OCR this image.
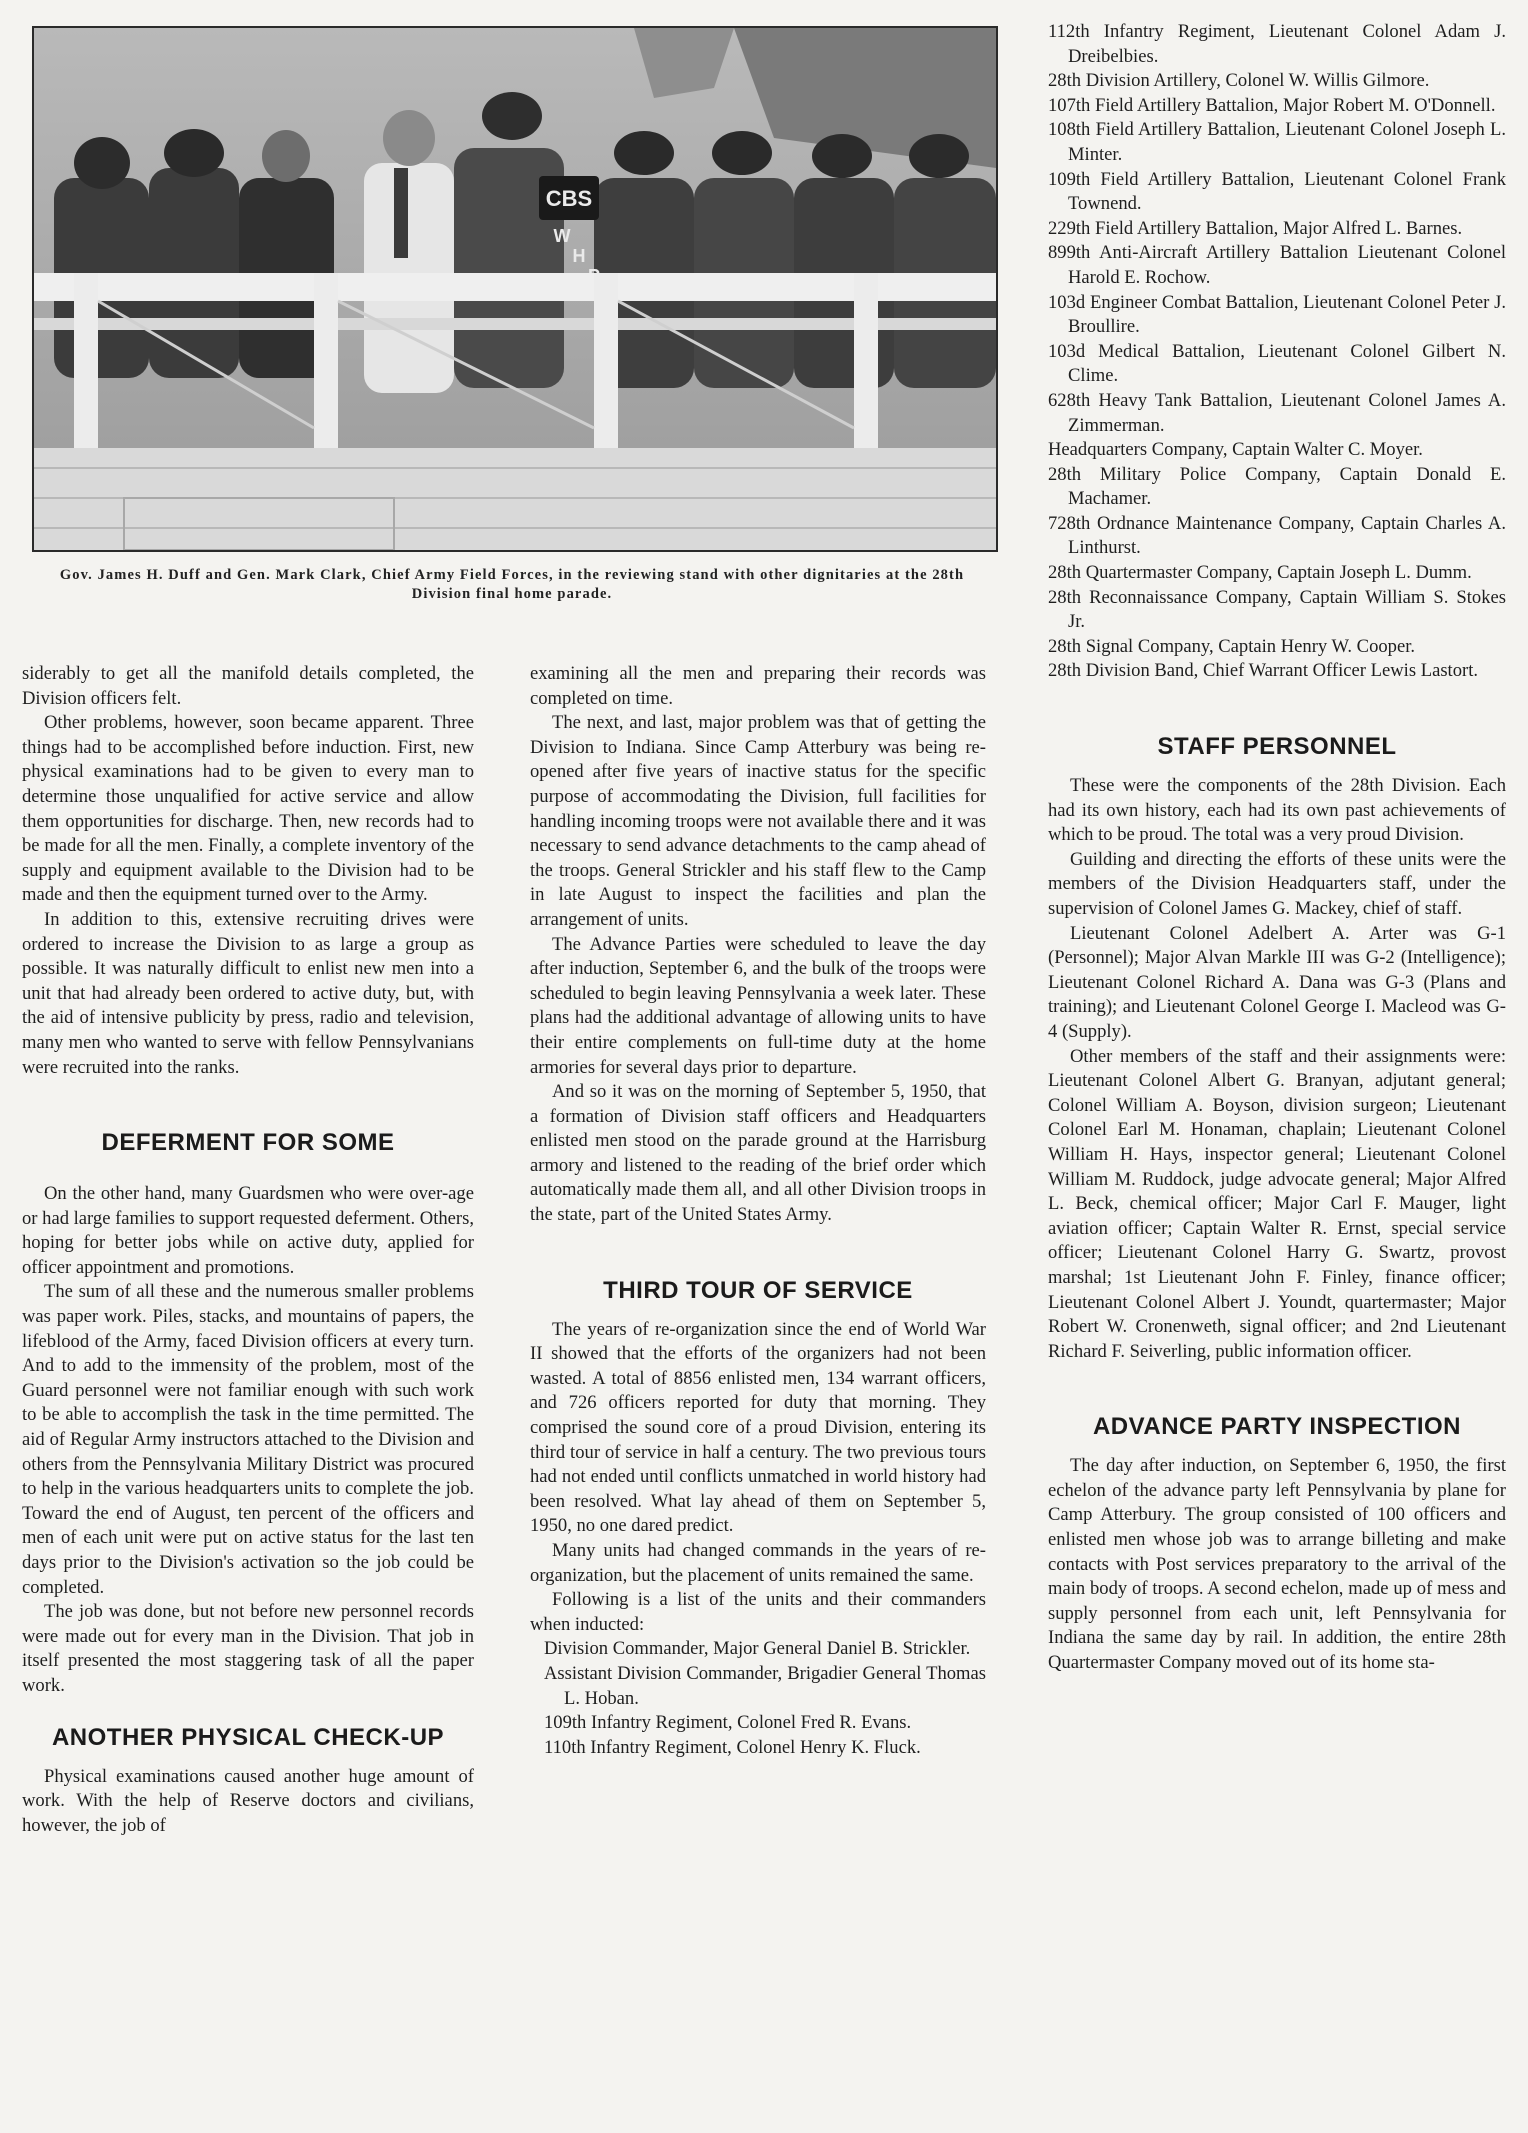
CBS
W
H
Gov. James H. Duff and Gen. Mark Clark, Chief Army Field Forces, in the reviewing stand with other dignitaries at the 28th Division final home parade.

siderably to get all the manifold details completed, the Division officers felt.

Other problems, however, soon became apparent. Three things had to be accomplished before induction. First, new physical examinations had to be given to every man to determine those unqualified for active service and allow them opportunities for discharge. Then, new records had to be made for all the men. Finally, a complete inventory of the supply and equipment available to the Division had to be made and then the equipment turned over to the Army.

In addition to this, extensive recruiting drives were ordered to increase the Division to as large a group as possible. It was naturally difficult to enlist new men into a unit that had already been ordered to active duty, but, with the aid of intensive publicity by press, radio and television, many men who wanted to serve with fellow Pennsylvanians were recruited into the ranks.

DEFERMENT FOR SOME

On the other hand, many Guardsmen who were over-age or had large families to support requested deferment. Others, hoping for better jobs while on active duty, applied for officer appointment and promotions.

The sum of all these and the numerous smaller problems was paper work. Piles, stacks, and mountains of papers, the lifeblood of the Army, faced Division officers at every turn. And to add to the immensity of the problem, most of the Guard personnel were not familiar enough with such work to be able to accomplish the task in the time permitted. The aid of Regular Army instructors attached to the Division and others from the Pennsylvania Military District was procured to help in the various headquarters units to complete the job. Toward the end of August, ten percent of the officers and men of each unit were put on active status for the last ten days prior to the Division's activation so the job could be completed.

The job was done, but not before new personnel records were made out for every man in the Division. That job in itself presented the most staggering task of all the paper work.

ANOTHER PHYSICAL CHECK-UP

Physical examinations caused another huge amount of work. With the help of Reserve doctors and civilians, however, the job of

examining all the men and preparing their records was completed on time.

The next, and last, major problem was that of getting the Division to Indiana. Since Camp Atterbury was being re-opened after five years of inactive status for the specific purpose of accommodating the Division, full facilities for handling incoming troops were not available there and it was necessary to send advance detachments to the camp ahead of the troops. General Strickler and his staff flew to the Camp in late August to inspect the facilities and plan the arrangement of units.

The Advance Parties were scheduled to leave the day after induction, September 6, and the bulk of the troops were scheduled to begin leaving Pennsylvania a week later. These plans had the additional advantage of allowing units to have their entire complements on full-time duty at the home armories for several days prior to departure.

And so it was on the morning of September 5, 1950, that a formation of Division staff officers and Headquarters enlisted men stood on the parade ground at the Harrisburg armory and listened to the reading of the brief order which automatically made them all, and all other Division troops in the state, part of the United States Army.

THIRD TOUR OF SERVICE

The years of re-organization since the end of World War II showed that the efforts of the organizers had not been wasted. A total of 8856 enlisted men, 134 warrant officers, and 726 officers reported for duty that morning. They comprised the sound core of a proud Division, entering its third tour of service in half a century. The two previous tours had not ended until conflicts unmatched in world history had been resolved. What lay ahead of them on September 5, 1950, no one dared predict.

Many units had changed commands in the years of re-organization, but the placement of units remained the same.

Following is a list of the units and their commanders when inducted:

Division Commander, Major General Daniel B. Strickler.

Assistant Division Commander, Brigadier General Thomas L. Hoban.

109th Infantry Regiment, Colonel Fred R. Evans.

110th Infantry Regiment, Colonel Henry K. Fluck.

112th Infantry Regiment, Lieutenant Colonel Adam J. Dreibelbies.

28th Division Artillery, Colonel W. Willis Gilmore.

107th Field Artillery Battalion, Major Robert M. O'Donnell.

108th Field Artillery Battalion, Lieutenant Colonel Joseph L. Minter.

109th Field Artillery Battalion, Lieutenant Colonel Frank Townend.

229th Field Artillery Battalion, Major Alfred L. Barnes.

899th Anti-Aircraft Artillery Battalion Lieutenant Colonel Harold E. Rochow.

103d Engineer Combat Battalion, Lieutenant Colonel Peter J. Broullire.

103d Medical Battalion, Lieutenant Colonel Gilbert N. Clime.

628th Heavy Tank Battalion, Lieutenant Colonel James A. Zimmerman.

Headquarters Company, Captain Walter C. Moyer.

28th Military Police Company, Captain Donald E. Machamer.

728th Ordnance Maintenance Company, Captain Charles A. Linthurst.

28th Quartermaster Company, Captain Joseph L. Dumm.

28th Reconnaissance Company, Captain William S. Stokes Jr.

28th Signal Company, Captain Henry W. Cooper.

28th Division Band, Chief Warrant Officer Lewis Lastort.

STAFF PERSONNEL

These were the components of the 28th Division. Each had its own history, each had its own past achievements of which to be proud. The total was a very proud Division.

Guilding and directing the efforts of these units were the members of the Division Headquarters staff, under the supervision of Colonel James G. Mackey, chief of staff.

Lieutenant Colonel Adelbert A. Arter was G-1 (Personnel); Major Alvan Markle III was G-2 (Intelligence); Lieutenant Colonel Richard A. Dana was G-3 (Plans and training); and Lieutenant Colonel George I. Macleod was G-4 (Supply).

Other members of the staff and their assignments were: Lieutenant Colonel Albert G. Branyan, adjutant general; Colonel William A. Boyson, division surgeon; Lieutenant Colonel Earl M. Honaman, chaplain; Lieutenant Colonel William H. Hays, inspector general; Lieutenant Colonel William M. Ruddock, judge advocate general; Major Alfred L. Beck, chemical officer; Major Carl F. Mauger, light aviation officer; Captain Walter R. Ernst, special service officer; Lieutenant Colonel Harry G. Swartz, provost marshal; 1st Lieutenant John F. Finley, finance officer; Lieutenant Colonel Albert J. Youndt, quartermaster; Major Robert W. Cronenweth, signal officer; and 2nd Lieutenant Richard F. Seiverling, public information officer.

ADVANCE PARTY INSPECTION

The day after induction, on September 6, 1950, the first echelon of the advance party left Pennsylvania by plane for Camp Atterbury. The group consisted of 100 officers and enlisted men whose job was to arrange billeting and make contacts with Post services preparatory to the arrival of the main body of troops. A second echelon, made up of mess and supply personnel from each unit, left Pennsylvania for Indiana the same day by rail. In addition, the entire 28th Quartermaster Company moved out of its home sta-
